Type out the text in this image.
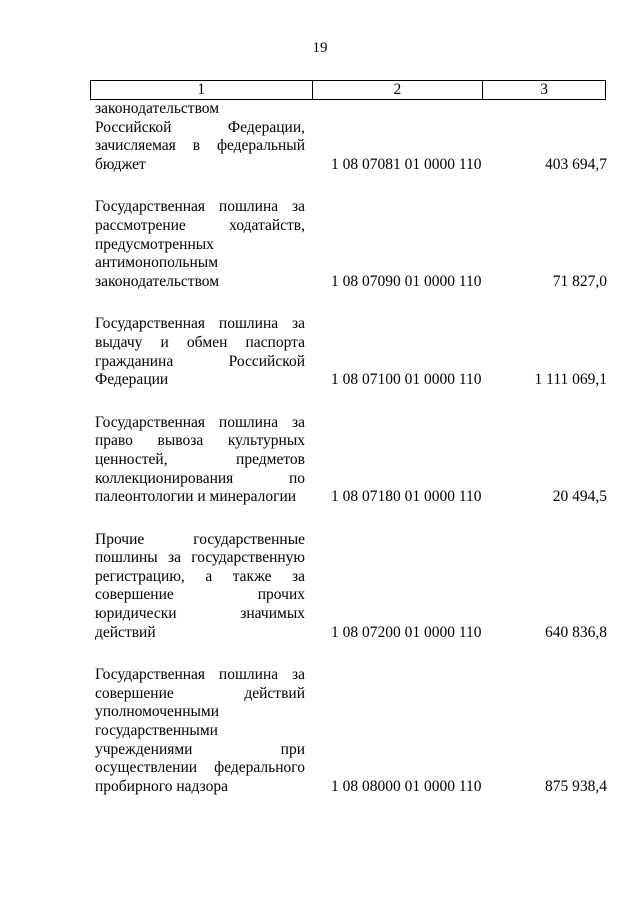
19
1	2	3
законодательством
Российской Федерации,
зачисляемая в федеральный
бюджет	1 08 07081 01 0000 110	403 694,7
Государственная пошлина за
рассмотрение ходатайств,
предусмотренных
антимонопольным
законодательством	1 08 07090 01 0000 110	71 827,0
Государственная пошлина за
выдачу и обмен паспорта
гражданина Российской
Федерации	1 08 07100 01 0000 110	1 111 069,1
Государственная пошлина за
право вывоза культурных
ценностей, предметов
коллекционирования по
палеонтологии и минералогии	1 08 07180 01 0000 110	20 494,5
Прочие государственные
пошлины за государственную
регистрацию, а также за
совершение прочих
юридически значимых
действий	1 08 07200 01 0000 110	640 836,8
Государственная пошлина за
совершение действий
уполномоченными
государственными
учреждениями при
осуществлении федерального
пробирного надзора	1 08 08000 01 0000 110	875 938,4
